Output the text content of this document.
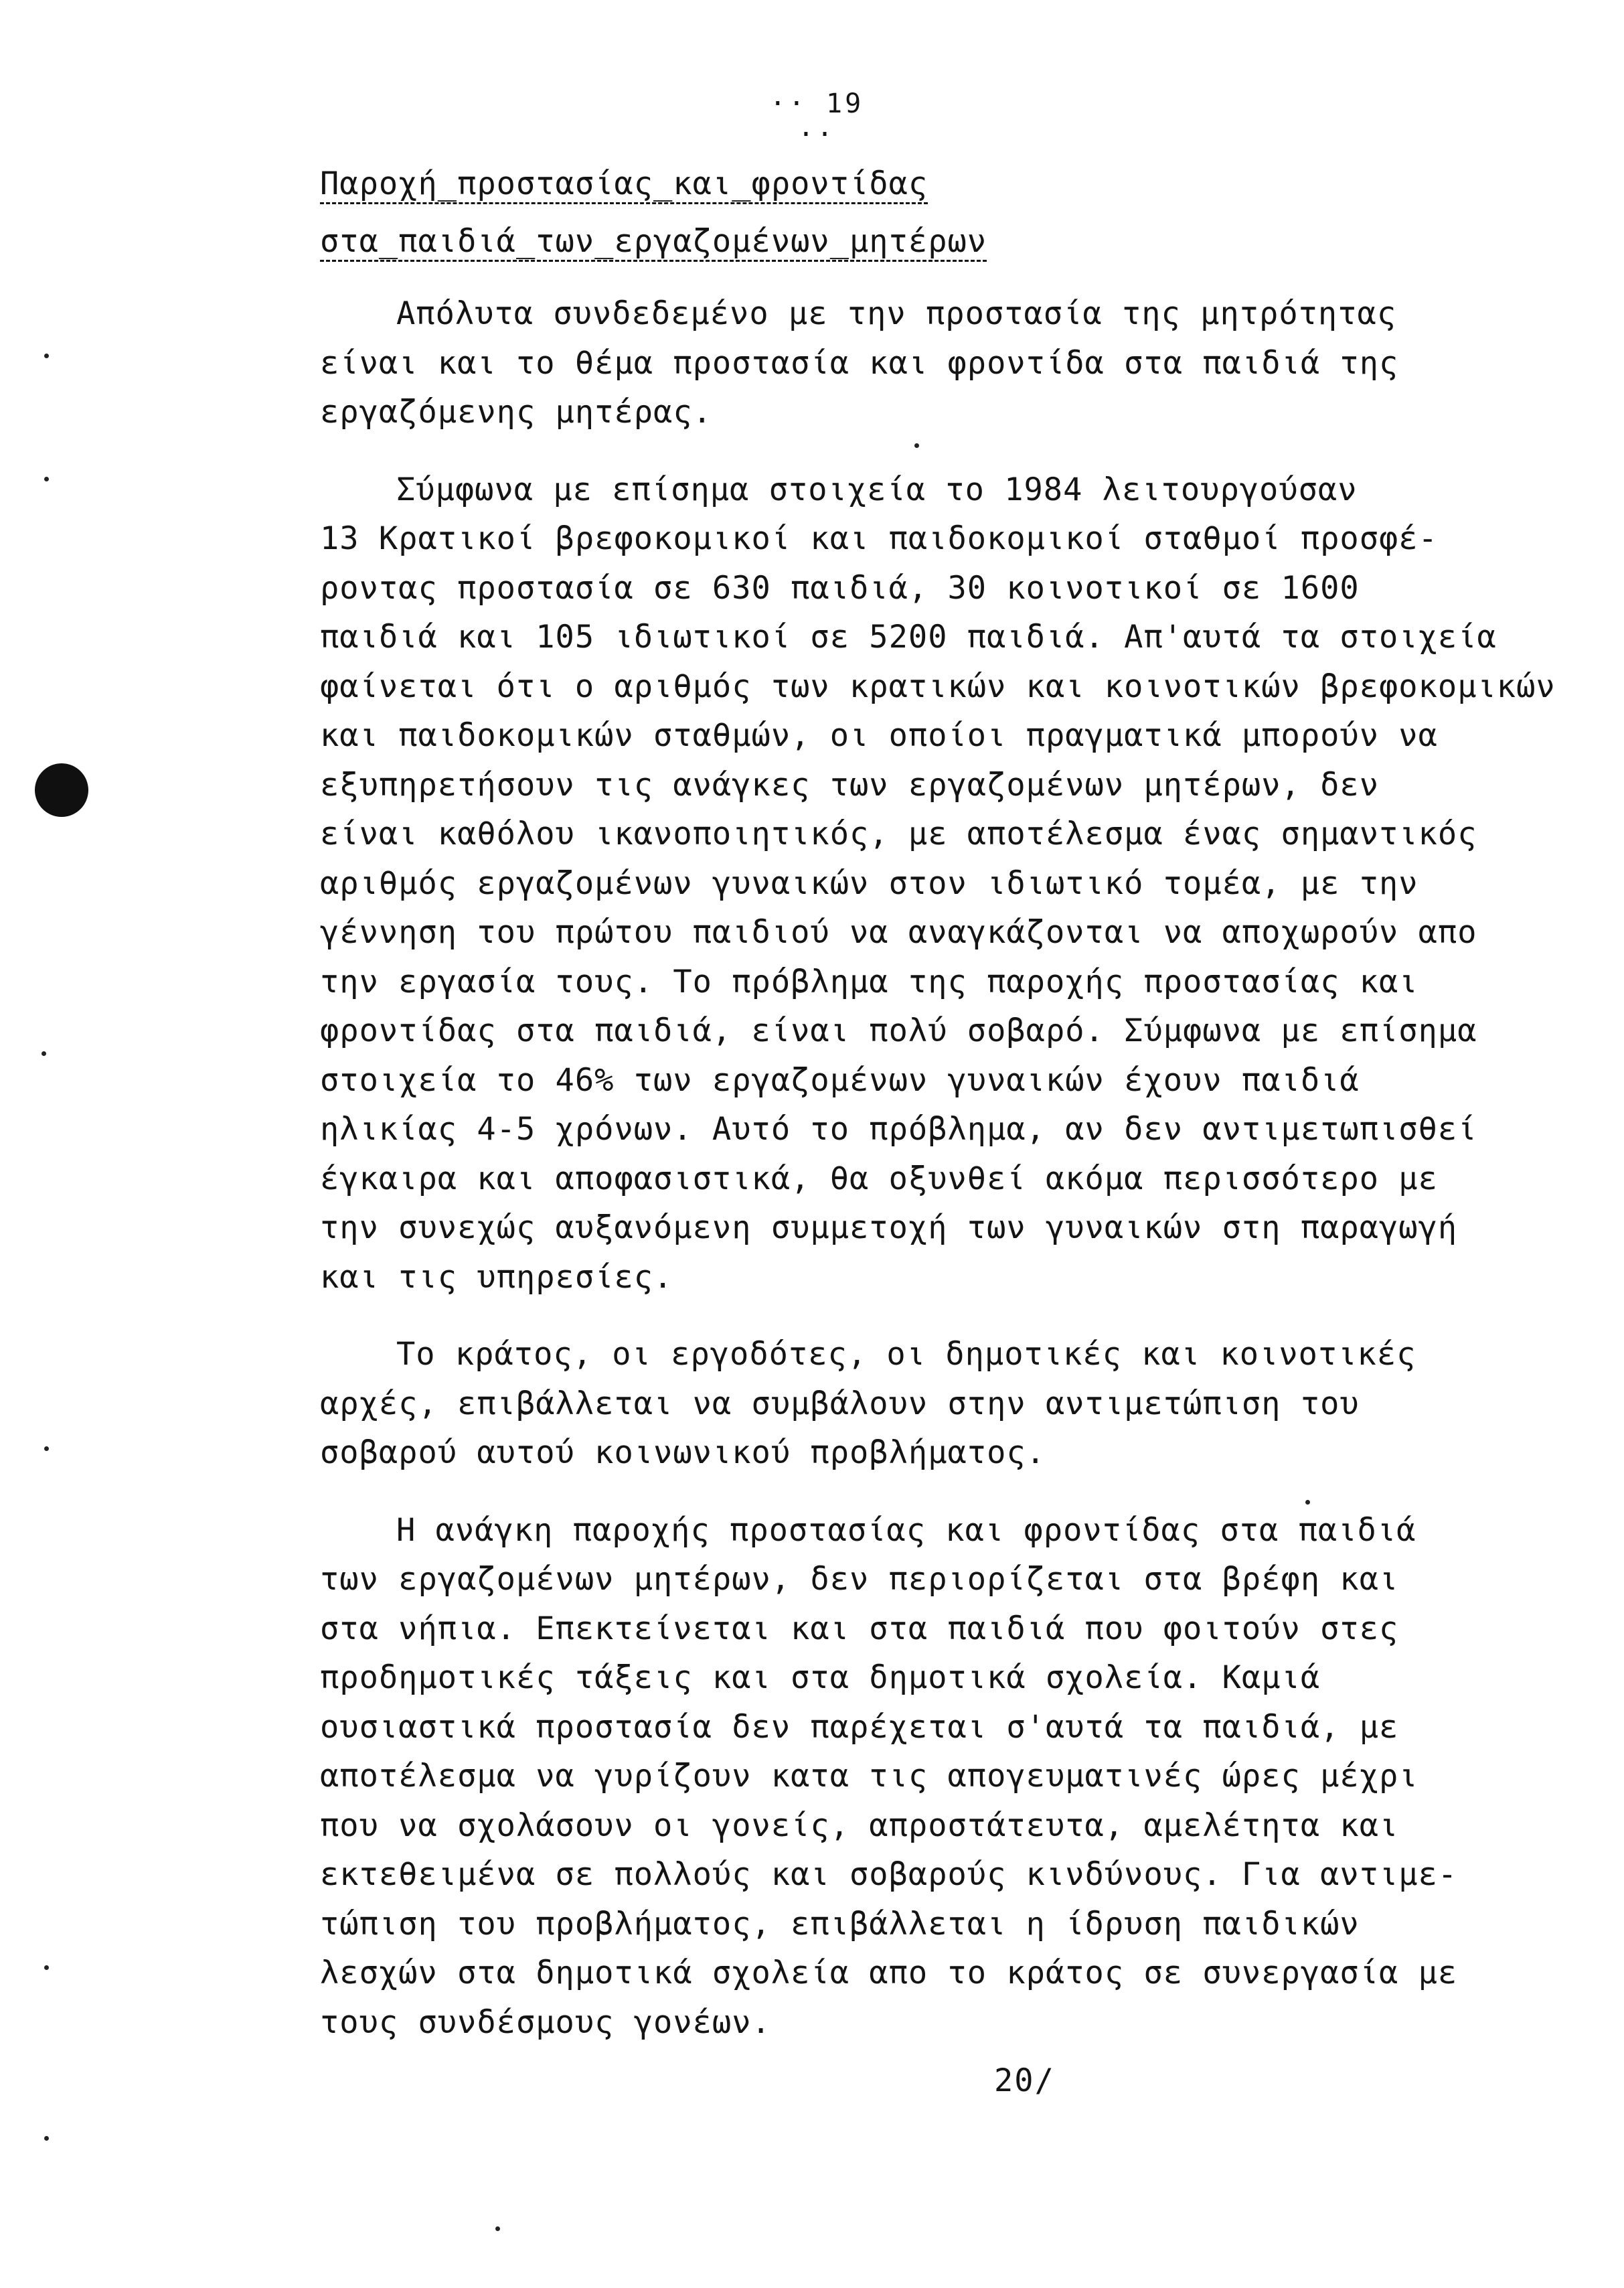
·· 19 ··
Παροχή_προστασίας_και_φροντίδας
στα_παιδιά_των_εργαζομένων_μητέρων
Απόλυτα συνδεδεμένο με την προστασία της μητρότητας
είναι και το θέμα προστασία και φροντίδα στα παιδιά της
εργαζόμενης μητέρας.
Σύμφωνα με επίσημα στοιχεία το 1984 λειτουργούσαν
13 Κρατικοί βρεφοκομικοί και παιδοκομικοί σταθμοί προσφέ-
ροντας προστασία σε 630 παιδιά, 30 κοινοτικοί σε 1600
παιδιά και 105 ιδιωτικοί σε 5200 παιδιά. Απ'αυτά τα στοιχεία
φαίνεται ότι ο αριθμός των κρατικών και κοινοτικών βρεφοκομικών
και παιδοκομικών σταθμών, οι οποίοι πραγματικά μπορούν να
εξυπηρετήσουν τις ανάγκες των εργαζομένων μητέρων, δεν
είναι καθόλου ικανοποιητικός, με αποτέλεσμα ένας σημαντικός
αριθμός εργαζομένων γυναικών στον ιδιωτικό τομέα, με την
γέννηση του πρώτου παιδιού να αναγκάζονται να αποχωρούν απο
την εργασία τους. Το πρόβλημα της παροχής προστασίας και
φροντίδας στα παιδιά, είναι πολύ σοβαρό. Σύμφωνα με επίσημα
στοιχεία το 46% των εργαζομένων γυναικών έχουν παιδιά
ηλικίας 4-5 χρόνων. Αυτό το πρόβλημα, αν δεν αντιμετωπισθεί
έγκαιρα και αποφασιστικά, θα οξυνθεί ακόμα περισσότερο με
την συνεχώς αυξανόμενη συμμετοχή των γυναικών στη παραγωγή
και τις υπηρεσίες.
Το κράτος, οι εργοδότες, οι δημοτικές και κοινοτικές
αρχές, επιβάλλεται να συμβάλουν στην αντιμετώπιση του
σοβαρού αυτού κοινωνικού προβλήματος.
Η ανάγκη παροχής προστασίας και φροντίδας στα παιδιά
των εργαζομένων μητέρων, δεν περιορίζεται στα βρέφη και
στα νήπια. Επεκτείνεται και στα παιδιά που φοιτούν στες
προδημοτικές τάξεις και στα δημοτικά σχολεία. Καμιά
ουσιαστικά προστασία δεν παρέχεται σ'αυτά τα παιδιά, με
αποτέλεσμα να γυρίζουν κατα τις απογευματινές ώρες μέχρι
που να σχολάσουν οι γονείς, απροστάτευτα, αμελέτητα και
εκτεθειμένα σε πολλούς και σοβαρούς κινδύνους. Για αντιμε-
τώπιση του προβλήματος, επιβάλλεται η ίδρυση παιδικών
λεσχών στα δημοτικά σχολεία απο το κράτος σε συνεργασία με
τους συνδέσμους γονέων.
20/
